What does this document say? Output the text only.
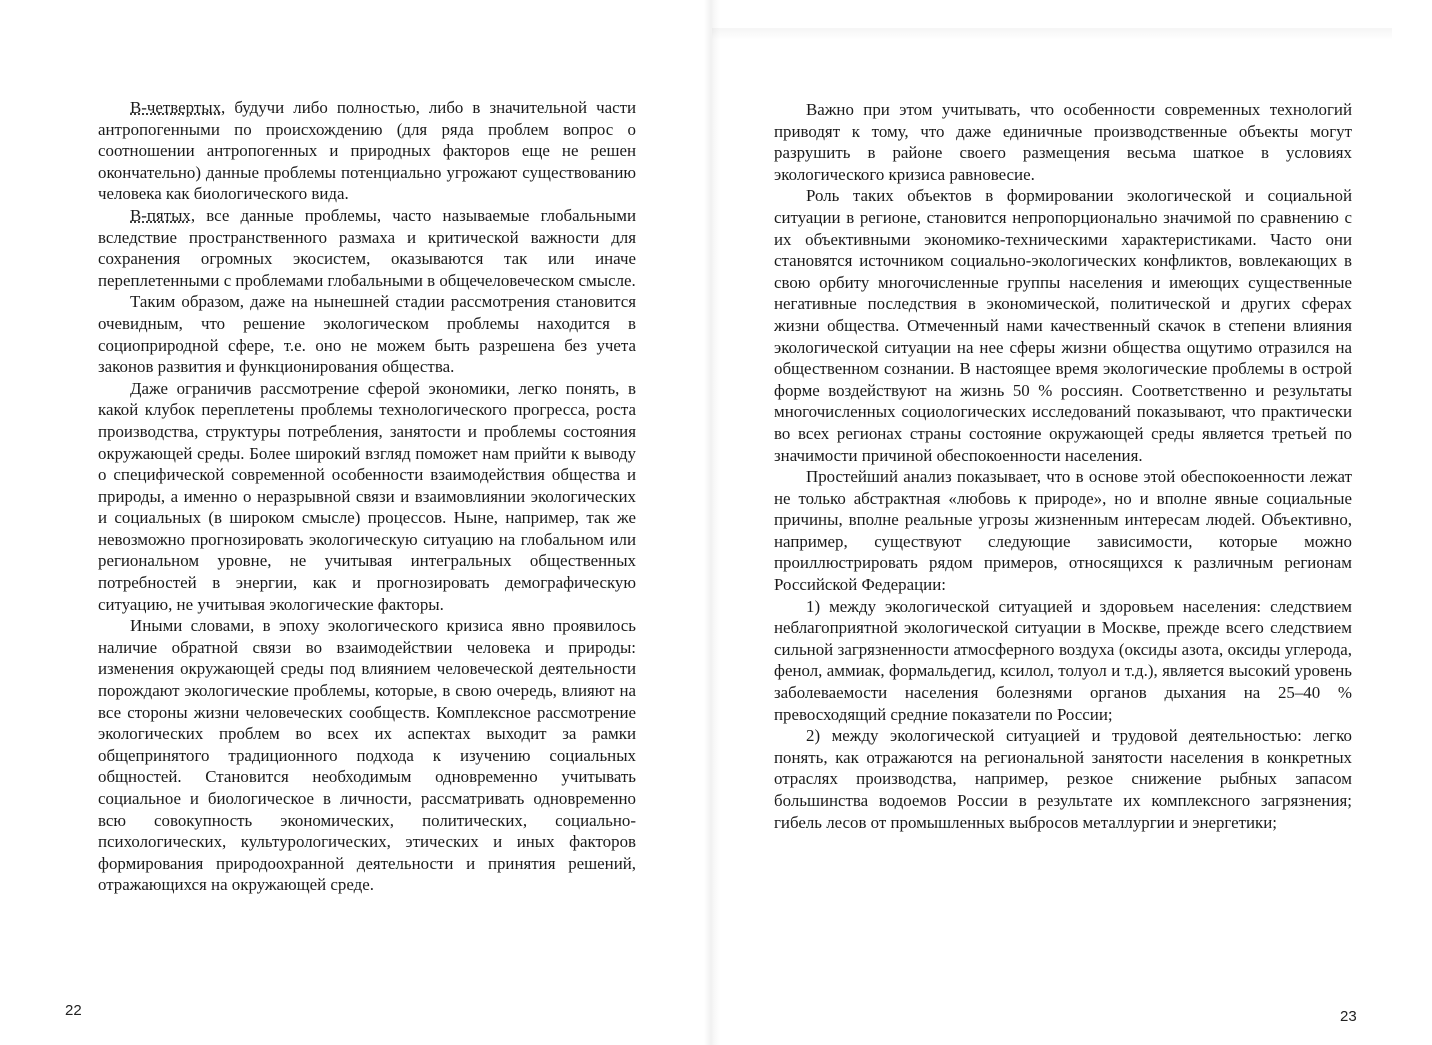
В-четвертых, будучи либо полностью, либо в значительной части антропогенными по происхождению (для ряда проблем вопрос о соотношении антропогенных и природных факторов еще не решен окончательно) данные проблемы потенциально угрожают существованию человека как биологического вида.

В-пятых, все данные проблемы, часто называемые глобальными вследствие пространственного размаха и критической важности для сохранения огромных экосистем, оказываются так или иначе переплетенными с проблемами глобальными в общечеловеческом смысле.

Таким образом, даже на нынешней стадии рассмотрения становится очевидным, что решение экологическом проблемы находится в социоприродной сфере, т.е. оно не можем быть разрешена без учета законов развития и функционирования общества.

Даже ограничив рассмотрение сферой экономики, легко понять, в какой клубок переплетены проблемы технологического прогресса, роста производства, структуры потребления, занятости и проблемы состояния окружающей среды. Более широкий взгляд поможет нам прийти к выводу о специфической современной особенности взаимодействия общества и природы, а именно о неразрывной связи и взаимовлиянии экологических и социальных (в широком смысле) процессов. Ныне, например, так же невозможно прогнозировать экологическую ситуацию на глобальном или региональном уровне, не учитывая интегральных общественных потребностей в энергии, как и прогнозировать демографическую ситуацию, не учитывая экологические факторы.

Иными словами, в эпоху экологического кризиса явно проявилось наличие обратной связи во взаимодействии человека и природы: изменения окружающей среды под влиянием человеческой деятельности порождают экологические проблемы, которые, в свою очередь, влияют на все стороны жизни человеческих сообществ. Комплексное рассмотрение экологических проблем во всех их аспектах выходит за рамки общепринятого традиционного подхода к изучению социальных общностей. Становится необходимым одновременно учитывать социальное и биологическое в личности, рассматривать одновременно всю совокупность экономических, политических, социально-психологических, культурологических, этических и иных факторов формирования природоохранной деятельности и принятия решений, отражающихся на окружающей среде.

22

Важно при этом учитывать, что особенности современных технологий приводят к тому, что даже единичные производственные объекты могут разрушить в районе своего размещения весьма шаткое в условиях экологического кризиса равновесие.

Роль таких объектов в формировании экологической и социальной ситуации в регионе, становится непропорционально значимой по сравнению с их объективными экономико-техническими характеристиками. Часто они становятся источником социально-экологических конфликтов, вовлекающих в свою орбиту многочисленные группы населения и имеющих существенные негативные последствия в экономической, политической и других сферах жизни общества. Отмеченный нами качественный скачок в степени влияния экологической ситуации на нее сферы жизни общества ощутимо отразился на общественном сознании. В настоящее время экологические проблемы в острой форме воздействуют на жизнь 50 % россиян. Соответственно и результаты многочисленных социологических исследований показывают, что практически во всех регионах страны состояние окружающей среды является третьей по значимости причиной обеспокоенности населения.

Простейший анализ показывает, что в основе этой обеспокоенности лежат не только абстрактная «любовь к природе», но и вполне явные социальные причины, вполне реальные угрозы жизненным интересам людей. Объективно, например, существуют следующие зависимости, которые можно проиллюстрировать рядом примеров, относящихся к различным регионам Российской Федерации:

1) между экологической ситуацией и здоровьем населения: следствием неблагоприятной экологической ситуации в Москве, прежде всего следствием сильной загрязненности атмосферного воздуха (оксиды азота, оксиды углерода, фенол, аммиак, формальдегид, ксилол, толуол и т.д.), является высокий уровень заболеваемости населения болезнями органов дыхания на 25–40 % превосходящий средние показатели по России;

2) между экологической ситуацией и трудовой деятельностью: легко понять, как отражаются на региональной занятости населения в конкретных отраслях производства, например, резкое снижение рыбных запасом большинства водоемов России в результате их комплексного загрязнения; гибель лесов от промышленных выбросов металлургии и энергетики;

23
